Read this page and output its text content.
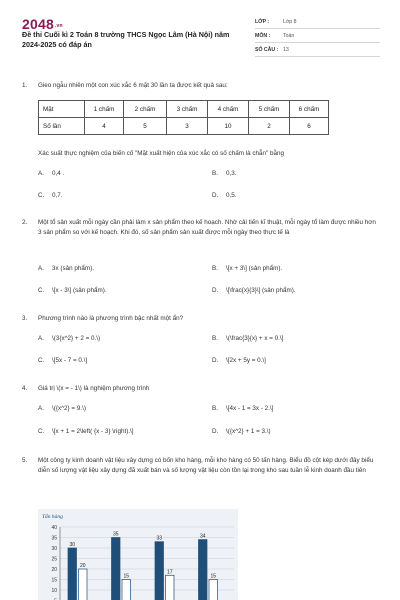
2048.vn
Đề thi Cuối kì 2 Toán 8 trường THCS Ngọc Lâm (Hà Nội) năm 2024-2025 có đáp án
LỚP :	Lớp 8
MÔN : Toán
SỐ CÂU : 13
1. Gieo ngẫu nhiên một con xúc xắc 6 mặt 30 lần ta được kết quả sau:
Mặt	1 chấm	2 chấm	3 chấm	4 chấm	5 chấm	6 chấm
Số lần	4	5	3	10	2	6
Xác suất thực nghiệm của biến cố "Mặt xuất hiện của xúc xắc có số chấm là chẵn" bằng
A. 0,4 .	B. 0,3.
C. 0,7.	D. 0,5.
2. Một tổ sản xuất mỗi ngày cần phải làm x sản phẩm theo kế hoạch. Nhờ cải tiến kĩ thuật, mỗi ngày tổ làm được nhiều hơn 3 sản phẩm so với kế hoạch. Khi đó, số sản phẩm sản xuất được mỗi ngày theo thực tế là
A. 3x (sản phẩm).	B. \[x + 3\] (sản phẩm).
C. \[x - 3\] (sản phẩm).	D. \[\frac{x}{3}\] (sản phẩm).
3. Phương trình nào là phương trình bậc nhất một ẩn?
A. \(3{x^2} + 2 = 0.\)	B. \(\frac{3}{x} + x = 0.\]
C. \[5x - 7 = 0.\]	D. \[2x + 5y = 0.\]
4. Giá trị \(x = - 1\) là nghiệm phương trình
A. \({x^2} = 9.\)	B. \[4x - 1 = 3x - 2.\]
C. \[x + 1 = 2\left( {x - 3} \right).\]	D. \({x^2} + 1 = 3.\)
5. Một công ty kinh doanh vật liệu xây dựng có bốn kho hàng, mỗi kho hàng có 50 tấn hàng. Biểu đồ cột kép dưới đây biểu diễn số lượng vật liệu xây dựng đã xuất bán và số lượng vật liệu còn tồn lại trong kho sau tuần lễ kinh doanh đầu tiên
Tấn hàng
10
15
20
25
30
35
40
30
35
33	34
20
15
17
15
